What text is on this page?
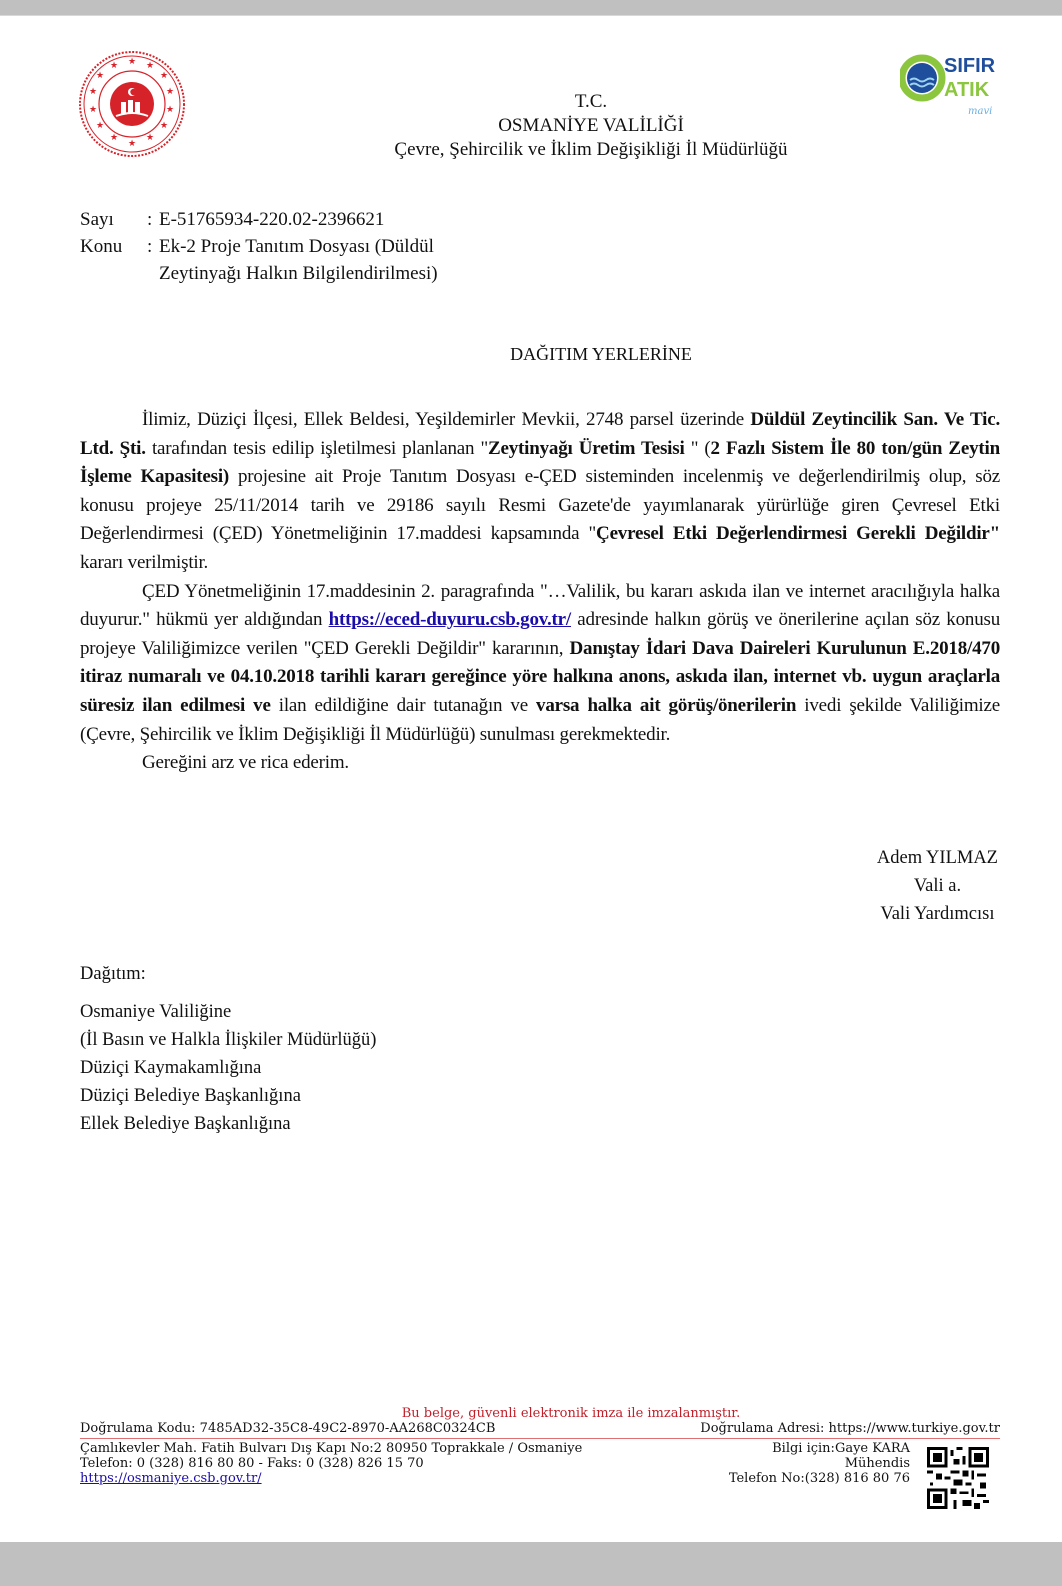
★ ★
★
★
★
★
★
★
★
★
★
★
★
★
SIFIR
ATIK
mavi
T.C.
OSMANİYE VALİLİĞİ
Çevre, Şehircilik ve İklim Değişikliği İl Müdürlüğü
Sayı	: E-51765934-220.02-2396621
Konu	: Ek-2 Proje Tanıtım Dosyası (Düldül Zeytinyağı Halkın Bilgilendirilmesi)
DAĞITIM YERLERİNE

İlimiz, Düziçi İlçesi, Ellek Beldesi, Yeşildemirler Mevkii, 2748 parsel üzerinde Düldül Zeytincilik San. Ve Tic. Ltd. Şti. tarafından tesis edilip işletilmesi planlanan "Zeytinyağı Üretim Tesisi " (2 Fazlı Sistem İle 80 ton/gün Zeytin İşleme Kapasitesi) projesine ait Proje Tanıtım Dosyası e-ÇED sisteminden incelenmiş ve değerlendirilmiş olup, söz konusu projeye 25/11/2014 tarih ve 29186 sayılı Resmi Gazete'de yayımlanarak yürürlüğe giren Çevresel Etki Değerlendirmesi (ÇED) Yönetmeliğinin 17.maddesi kapsamında "Çevresel Etki Değerlendirmesi Gerekli Değildir" kararı verilmiştir.

ÇED Yönetmeliğinin 17.maddesinin 2. paragrafında "…Valilik, bu kararı askıda ilan ve internet aracılığıyla halka duyurur." hükmü yer aldığından https://eced-duyuru.csb.gov.tr/ adresinde halkın görüş ve önerilerine açılan söz konusu projeye Valiliğimizce verilen "ÇED Gerekli Değildir" kararının, Danıştay İdari Dava Daireleri Kurulunun E.2018/470 itiraz numaralı ve 04.10.2018 tarihli kararı gereğince yöre halkına anons, askıda ilan, internet vb. uygun araçlarla süresiz ilan edilmesi ve ilan edildiğine dair tutanağın ve varsa halka ait görüş/önerilerin ivedi şekilde Valiliğimize (Çevre, Şehircilik ve İklim Değişikliği İl Müdürlüğü) sunulması gerekmektedir.

Gereğini arz ve rica ederim.

Adem YILMAZ
Vali a.
Vali Yardımcısı
Dağıtım:
Osmaniye Valiliğine
(İl Basın ve Halkla İlişkiler Müdürlüğü)
Düziçi Kaymakamlığına
Düziçi Belediye Başkanlığına
Ellek Belediye Başkanlığına
Bu belge, güvenli elektronik imza ile imzalanmıştır.
Doğrulama Kodu: 7485AD32-35C8-49C2-8970-AA268C0324CB	Doğrulama Adresi: https://www.turkiye.gov.tr
Çamlıkevler Mah. Fatih Bulvarı Dış Kapı No:2 80950 Toprakkale / Osmaniye
Telefon: 0 (328) 816 80 80 - Faks: 0 (328) 826 15 70
https://osmaniye.csb.gov.tr/
Bilgi için:Gaye KARA
Mühendis
Telefon No:(328) 816 80 76
